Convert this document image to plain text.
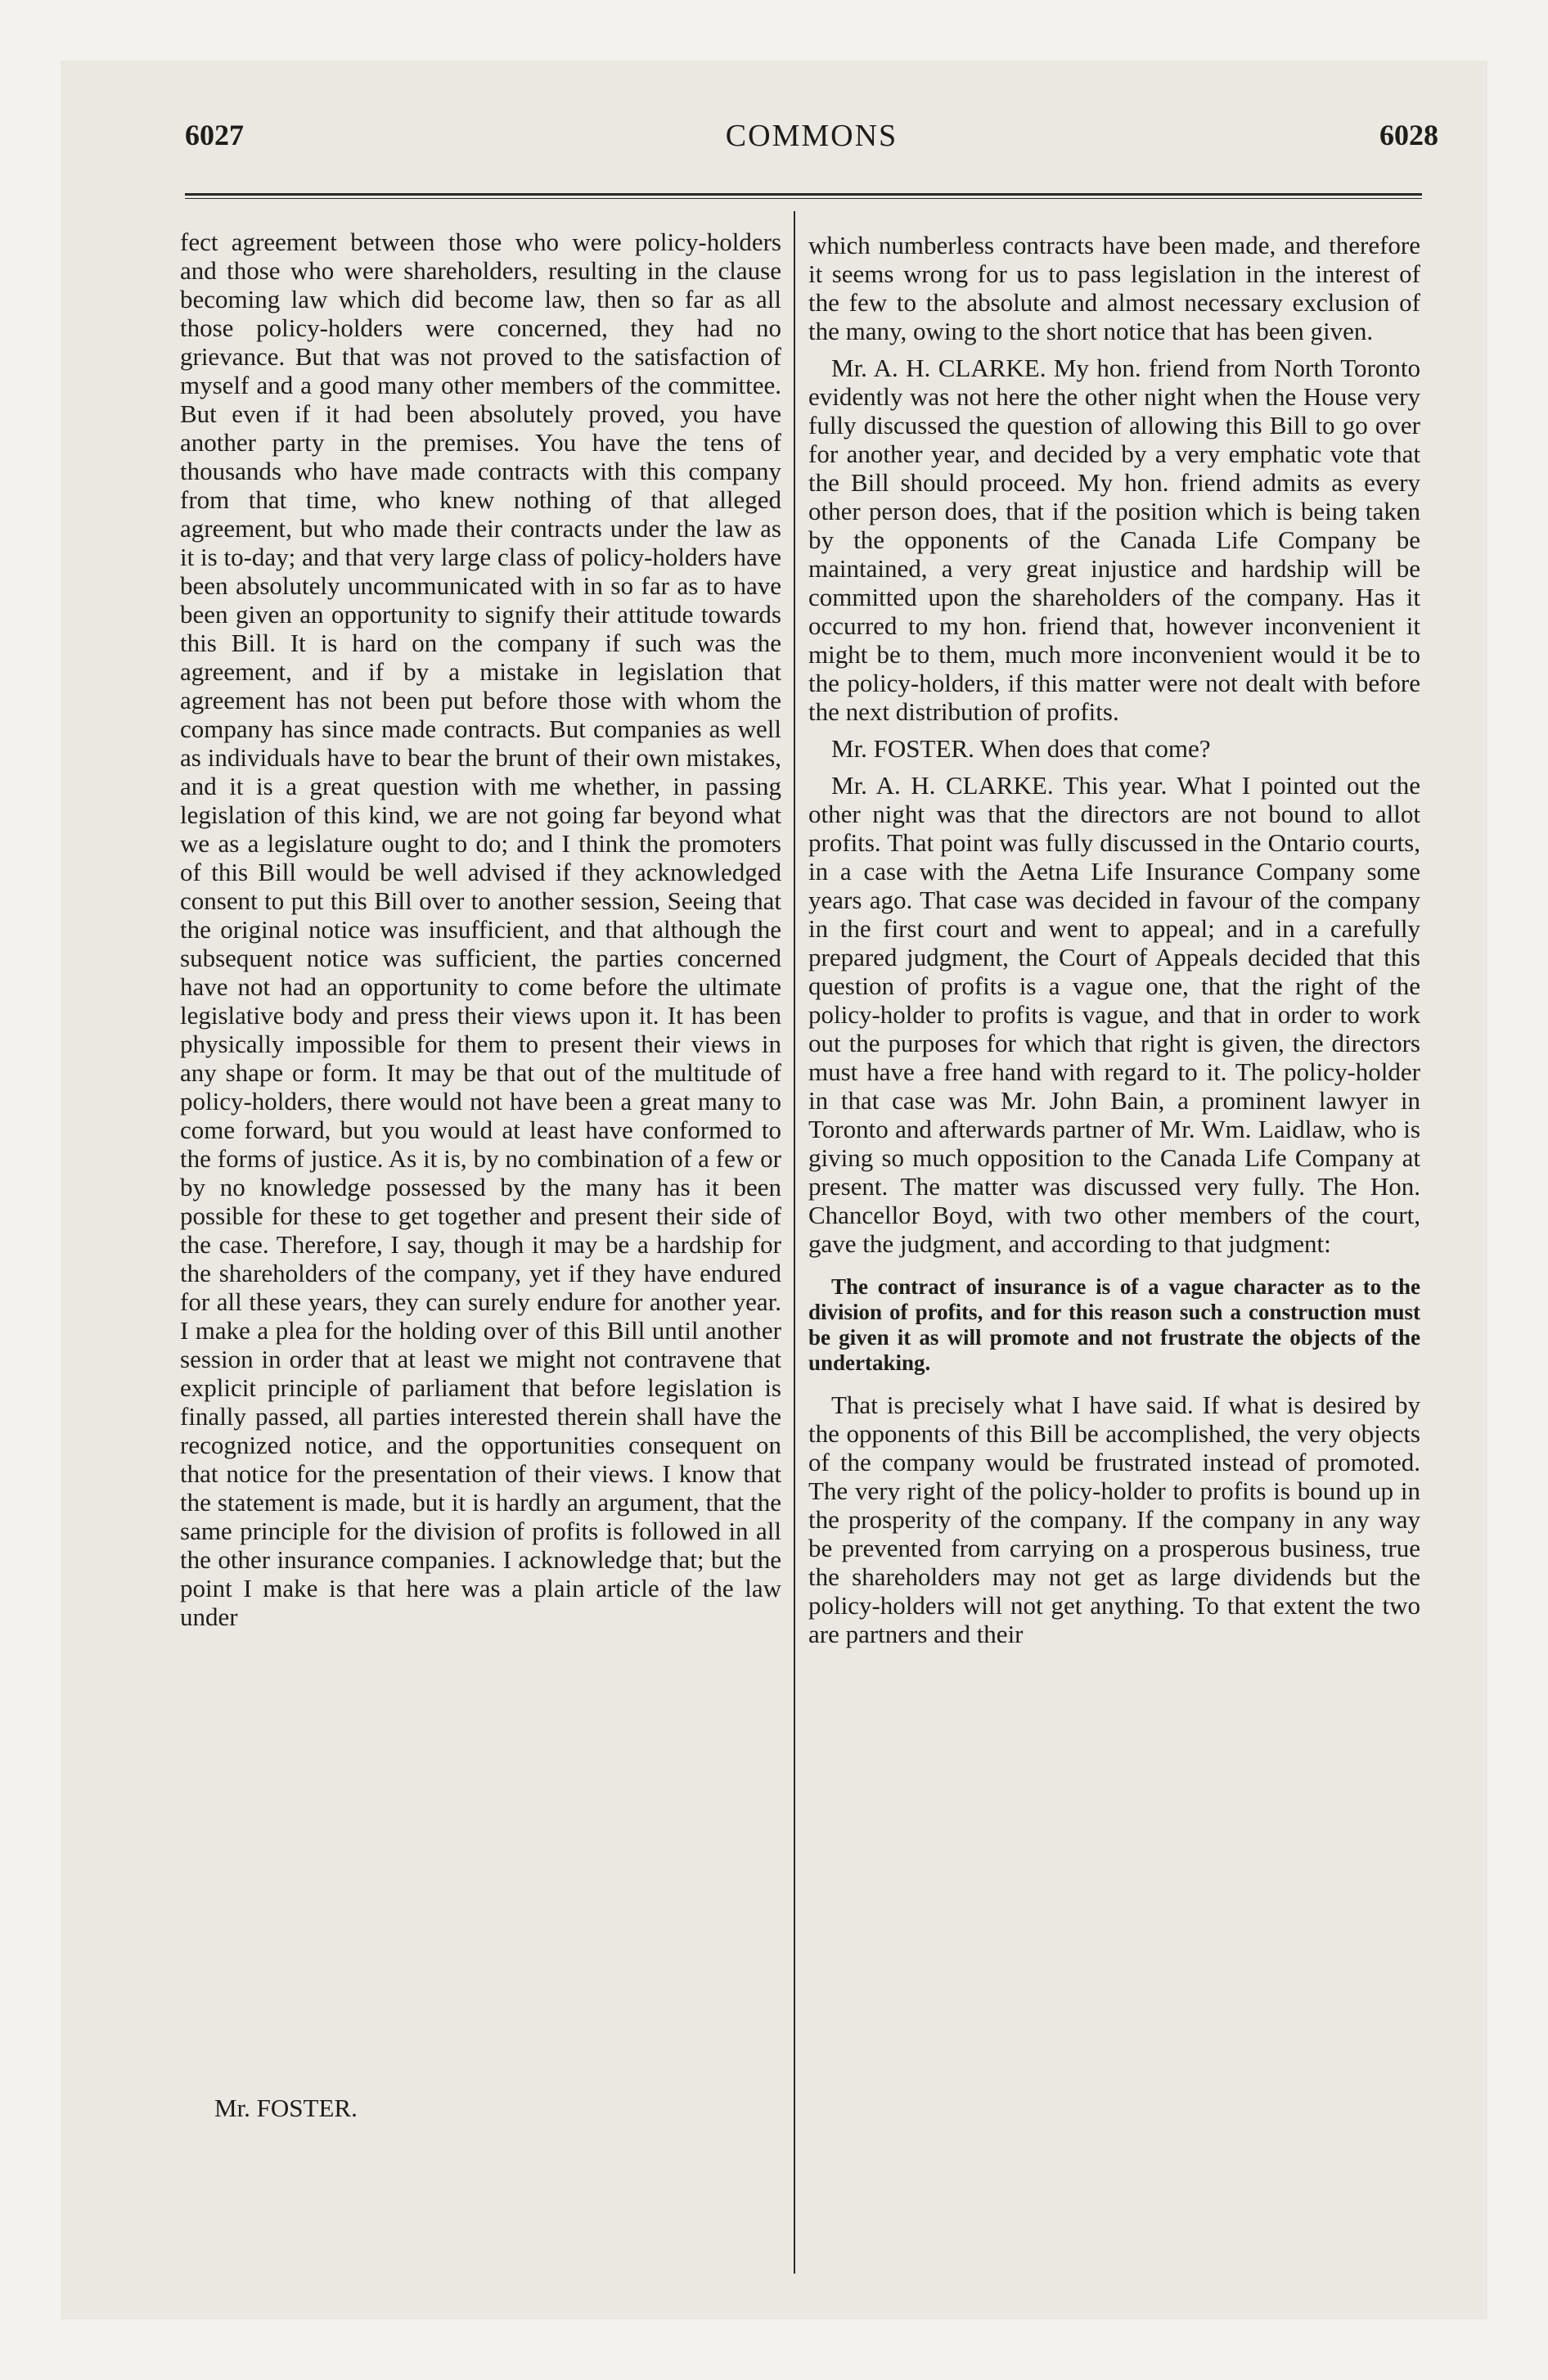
6027	COMMONS	6028

fect agreement between those who were policy-holders and those who were shareholders, resulting in the clause becoming law which did become law, then so far as all those policy-holders were concerned, they had no grievance. But that was not proved to the satisfaction of myself and a good many other members of the committee. But even if it had been absolutely proved, you have another party in the premises. You have the tens of thousands who have made contracts with this company from that time, who knew nothing of that alleged agreement, but who made their contracts under the law as it is to-day; and that very large class of policy-holders have been absolutely uncommunicated with in so far as to have been given an opportunity to signify their attitude towards this Bill. It is hard on the company if such was the agreement, and if by a mistake in legislation that agreement has not been put before those with whom the company has since made contracts. But companies as well as individuals have to bear the brunt of their own mistakes, and it is a great question with me whether, in passing legislation of this kind, we are not going far beyond what we as a legislature ought to do; and I think the promoters of this Bill would be well advised if they acknowledged consent to put this Bill over to another session, Seeing that the original notice was insufficient, and that although the subsequent notice was sufficient, the parties concerned have not had an opportunity to come before the ultimate legislative body and press their views upon it. It has been physically impossible for them to present their views in any shape or form. It may be that out of the multitude of policy-holders, there would not have been a great many to come forward, but you would at least have conformed to the forms of justice. As it is, by no combination of a few or by no knowledge possessed by the many has it been possible for these to get together and present their side of the case. Therefore, I say, though it may be a hardship for the shareholders of the company, yet if they have endured for all these years, they can surely endure for another year. I make a plea for the holding over of this Bill until another session in order that at least we might not contravene that explicit principle of parliament that before legislation is finally passed, all parties interested therein shall have the recognized notice, and the opportunities consequent on that notice for the presentation of their views. I know that the statement is made, but it is hardly an argument, that the same principle for the division of profits is followed in all the other insurance companies. I acknowledge that; but the point I make is that here was a plain article of the law under

which numberless contracts have been made, and therefore it seems wrong for us to pass legislation in the interest of the few to the absolute and almost necessary exclusion of the many, owing to the short notice that has been given.

Mr. A. H. CLARKE. My hon. friend from North Toronto evidently was not here the other night when the House very fully discussed the question of allowing this Bill to go over for another year, and decided by a very emphatic vote that the Bill should proceed. My hon. friend admits as every other person does, that if the position which is being taken by the opponents of the Canada Life Company be maintained, a very great injustice and hardship will be committed upon the shareholders of the company. Has it occurred to my hon. friend that, however inconvenient it might be to them, much more inconvenient would it be to the policy-holders, if this matter were not dealt with before the next distribution of profits.

Mr. FOSTER. When does that come?

Mr. A. H. CLARKE. This year. What I pointed out the other night was that the directors are not bound to allot profits. That point was fully discussed in the Ontario courts, in a case with the Aetna Life Insurance Company some years ago. That case was decided in favour of the company in the first court and went to appeal; and in a carefully prepared judgment, the Court of Appeals decided that this question of profits is a vague one, that the right of the policy-holder to profits is vague, and that in order to work out the purposes for which that right is given, the directors must have a free hand with regard to it. The policy-holder in that case was Mr. John Bain, a prominent lawyer in Toronto and afterwards partner of Mr. Wm. Laidlaw, who is giving so much opposition to the Canada Life Company at present. The matter was discussed very fully. The Hon. Chancellor Boyd, with two other members of the court, gave the judgment, and according to that judgment:

The contract of insurance is of a vague character as to the division of profits, and for this reason such a construction must be given it as will promote and not frustrate the objects of the undertaking.

That is precisely what I have said. If what is desired by the opponents of this Bill be accomplished, the very objects of the company would be frustrated instead of promoted. The very right of the policy-holder to profits is bound up in the prosperity of the company. If the company in any way be prevented from carrying on a prosperous business, true the shareholders may not get as large dividends but the policy-holders will not get anything. To that extent the two are partners and their

Mr. FOSTER.
